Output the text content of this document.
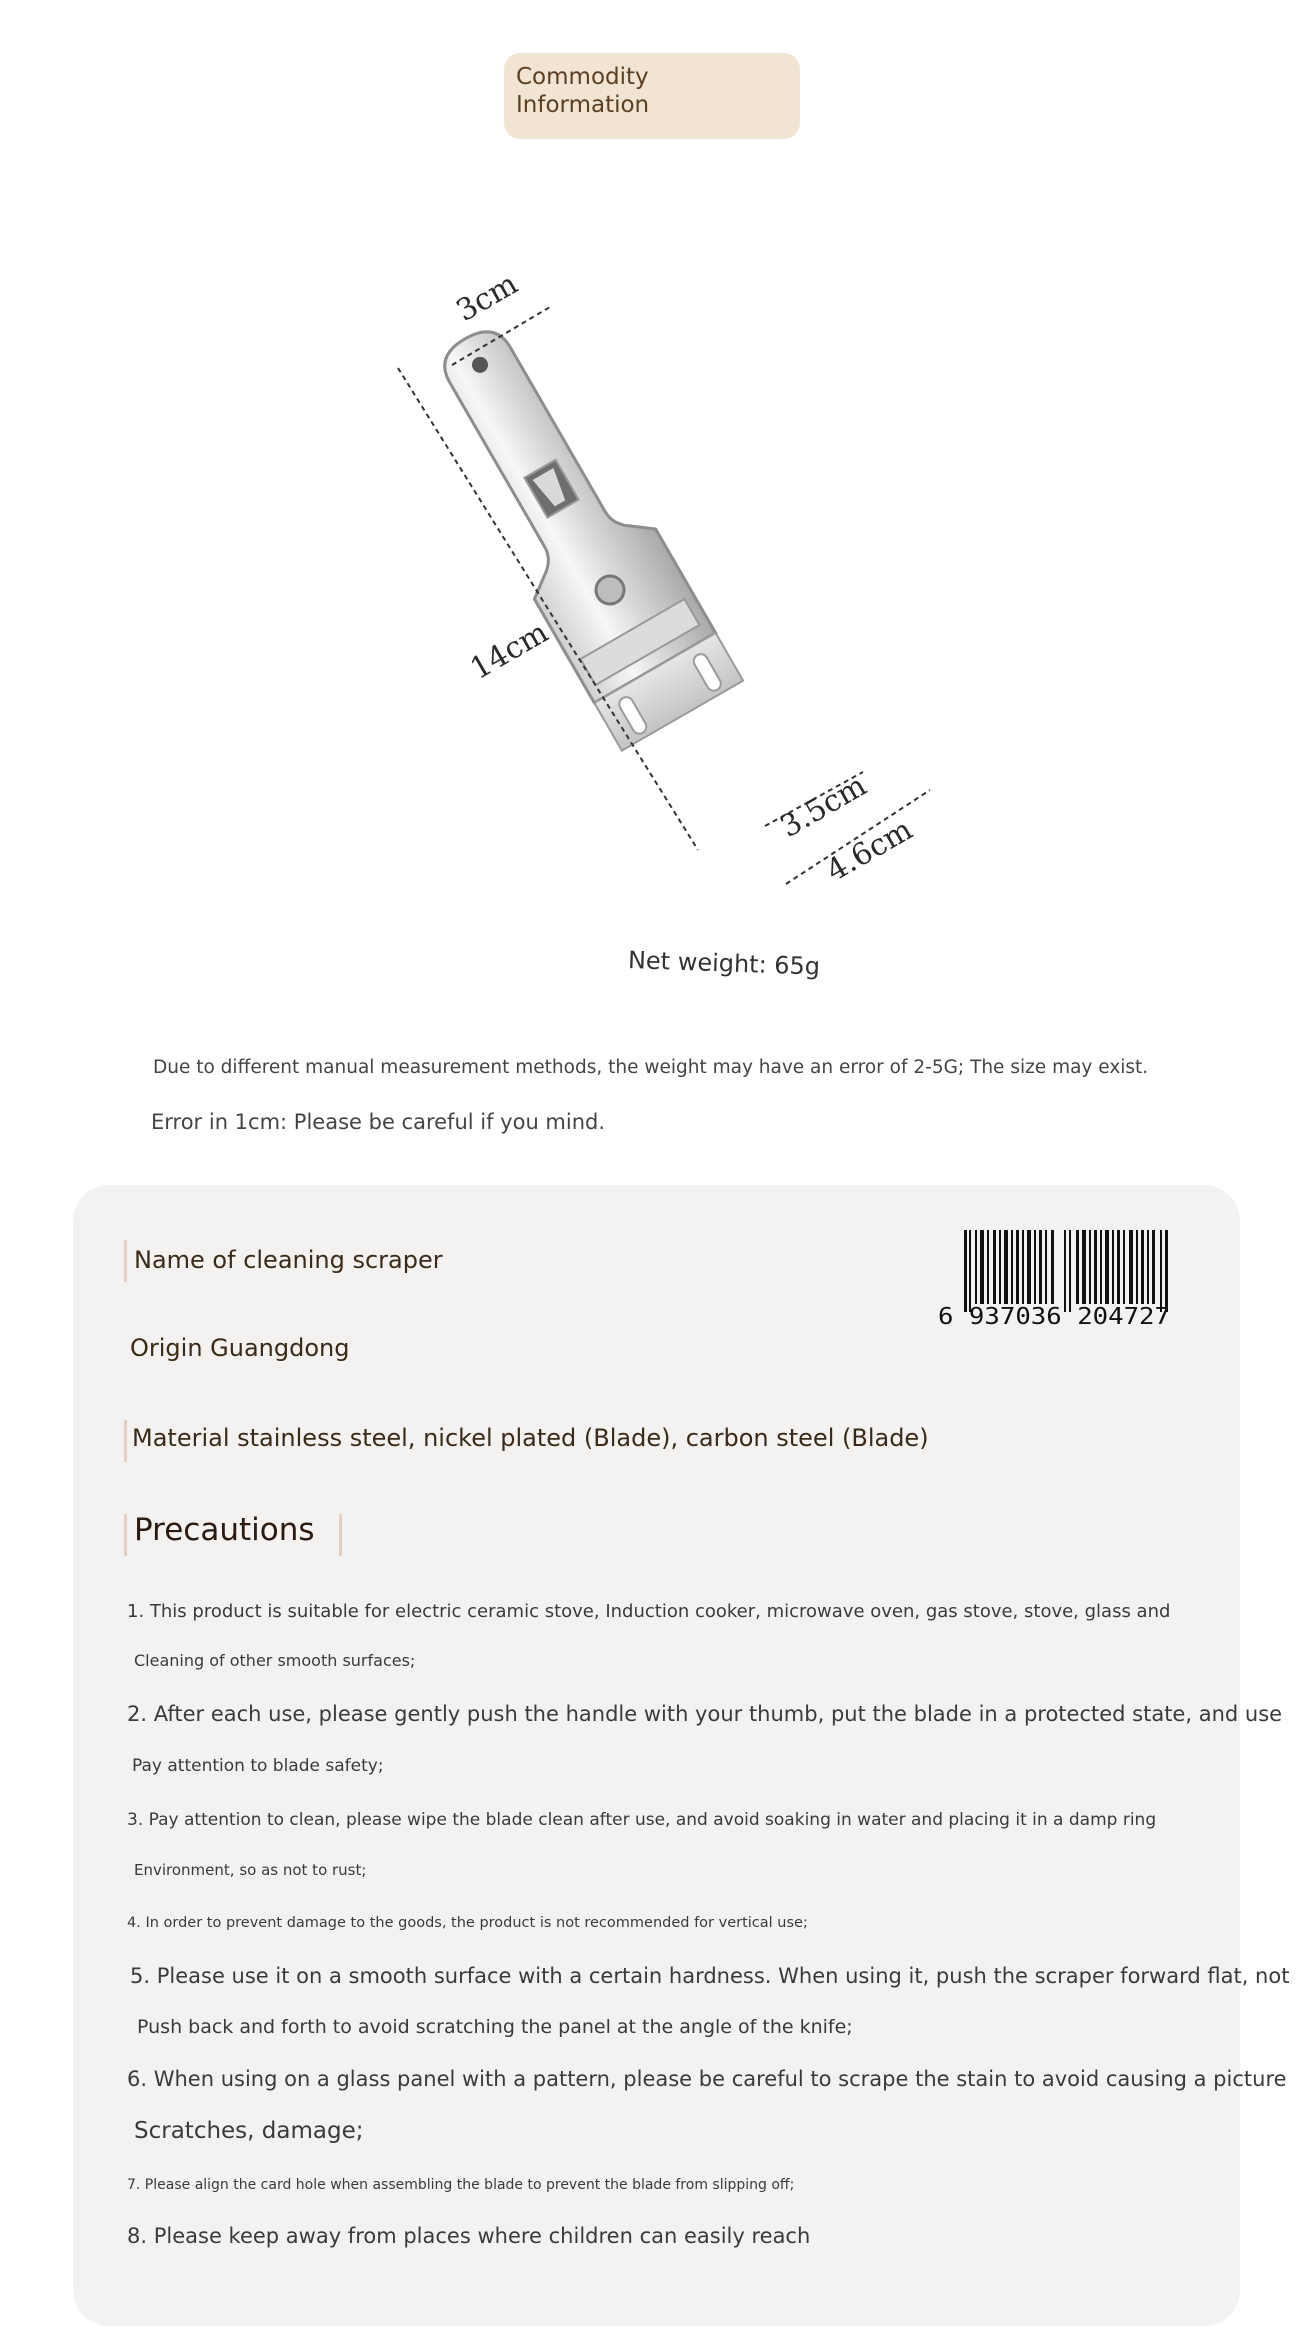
Commodity
Information
3cm
14cm
3.5cm
4.6cm
Net weight: 65g
Due to different manual measurement methods, the weight may have an error of 2-5G; The size may exist.
Error in 1cm: Please be careful if you mind.
Name of cleaning scraper
Origin Guangdong
Material stainless steel, nickel plated (Blade), carbon steel (Blade)
6 937036 204727
Precautions
1. This product is suitable for electric ceramic stove, Induction cooker, microwave oven, gas stove, stove, glass and
Cleaning of other smooth surfaces;
2. After each use, please gently push the handle with your thumb, put the blade in a protected state, and use
Pay attention to blade safety;
3. Pay attention to clean, please wipe the blade clean after use, and avoid soaking in water and placing it in a damp ring
Environment, so as not to rust;
4. In order to prevent damage to the goods, the product is not recommended for vertical use;
5. Please use it on a smooth surface with a certain hardness. When using it, push the scraper forward flat, not
Push back and forth to avoid scratching the panel at the angle of the knife;
6. When using on a glass panel with a pattern, please be careful to scrape the stain to avoid causing a picture
Scratches, damage;
7. Please align the card hole when assembling the blade to prevent the blade from slipping off;
8. Please keep away from places where children can easily reach
